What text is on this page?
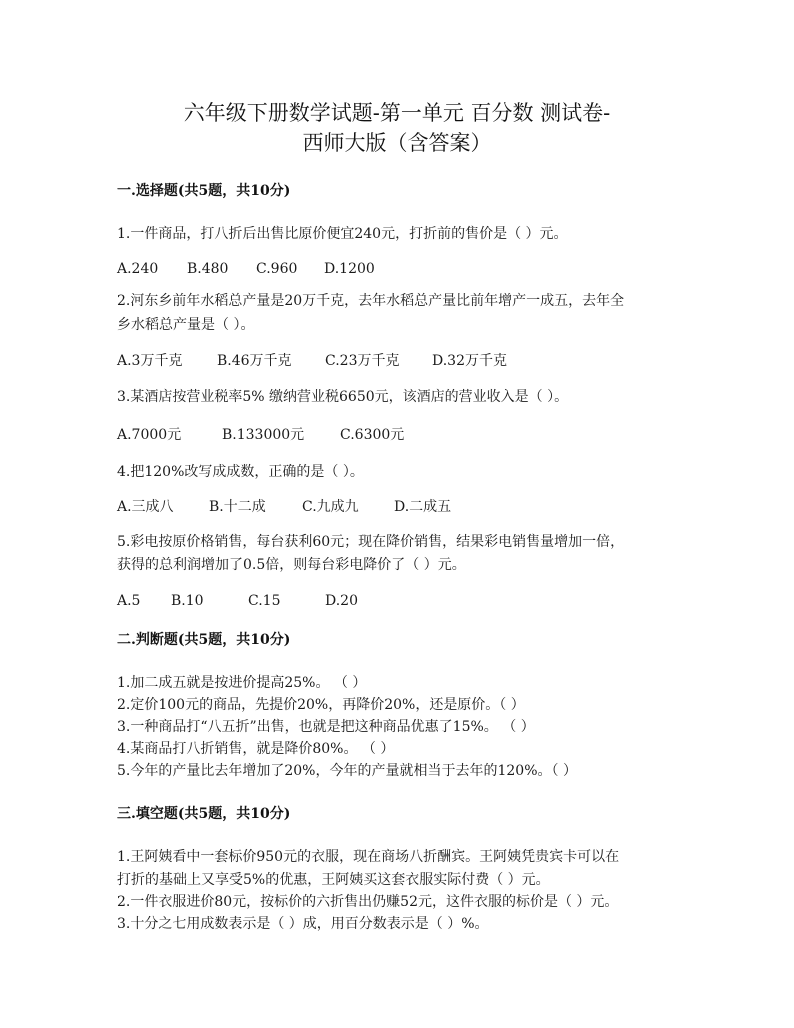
六年级下册数学试题-第一单元 百分数 测试卷-
西师大版（含答案）
一.选择题(共5题，共10分)
1.一件商品，打八折后出售比原价便宜240元，打折前的售价是（ ）元。
A.240	B.480	C.960	D.1200
2.河东乡前年水稻总产量是20万千克，去年水稻总产量比前年增产一成五，去年全
乡水稻总产量是（ ）。
A.3万千克	B.46万千克	C.23万千克	D.32万千克
3.某酒店按营业税率5% 缴纳营业税6650元，该酒店的营业收入是（ ）。
A.7000元	B.133000元	C.6300元
4.把120%改写成成数，正确的是（ ）。
A.三成八	B.十二成	C.九成九	D.二成五
5.彩电按原价格销售，每台获利60元；现在降价销售，结果彩电销售量增加一倍，
获得的总利润增加了0.5倍，则每台彩电降价了（ ）元。
A.5	B.10	C.15	D.20
二.判断题(共5题，共10分)
1.加二成五就是按进价提高25%。 （ ）
2.定价100元的商品，先提价20%，再降价20%，还是原价。（ ）
3.一种商品打“八五折”出售，也就是把这种商品优惠了15%。 （ ）
4.某商品打八折销售，就是降价80%。 （ ）
5.今年的产量比去年增加了20%，今年的产量就相当于去年的120%。（ ）
三.填空题(共5题，共10分)
1.王阿姨看中一套标价950元的衣服，现在商场八折酬宾。王阿姨凭贵宾卡可以在
打折的基础上又享受5%的优惠，王阿姨买这套衣服实际付费（ ）元。
2.一件衣服进价80元，按标价的六折售出仍赚52元，这件衣服的标价是（ ）元。
3.十分之七用成数表示是（ ）成，用百分数表示是（ ）%。
